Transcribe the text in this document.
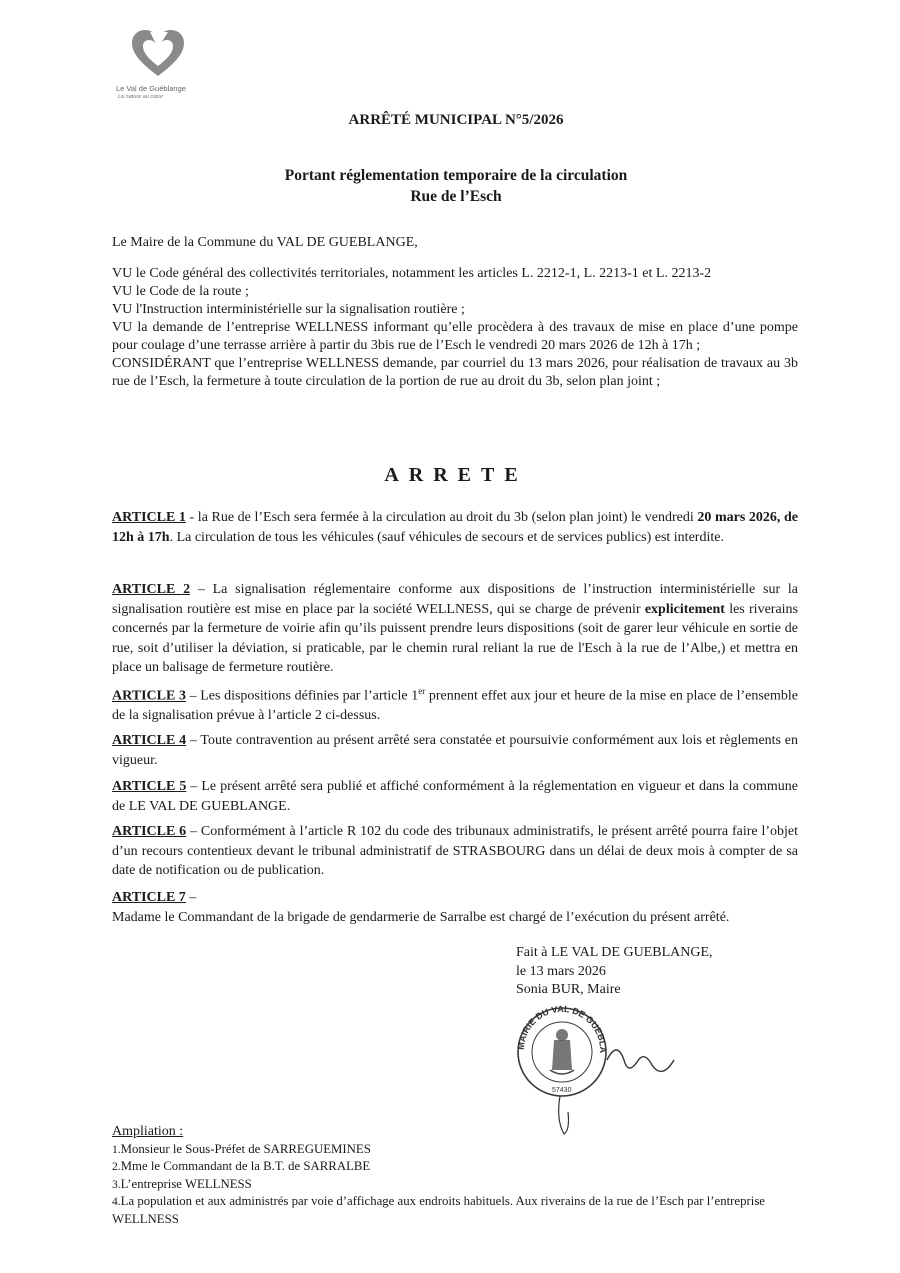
Le Val de Guéblange
La nature au cœur
ARRÊTÉ MUNICIPAL N°5/2026
Portant réglementation temporaire de la circulation
Rue de l’Esch
Le Maire de la Commune du VAL DE GUEBLANGE,

VU le Code général des collectivités territoriales, notamment les articles L. 2212-1, L. 2213-1 et L. 2213-2

VU le Code de la route ;

VU l'Instruction interministérielle sur la signalisation routière ;

VU la demande de l’entreprise WELLNESS informant qu’elle procèdera à des travaux de mise en place d’une pompe pour coulage d’une terrasse arrière à partir du 3bis rue de l’Esch le vendredi 20 mars 2026 de 12h à 17h ;

CONSIDÉRANT que l’entreprise WELLNESS demande, par courriel du 13 mars 2026, pour réalisation de travaux au 3b rue de l’Esch, la fermeture à toute circulation de la portion de rue au droit du 3b, selon plan joint ;

ARRETE
ARTICLE 1 - la Rue de l’Esch sera fermée à la circulation au droit du 3b (selon plan joint) le vendredi 20 mars 2026, de 12h à 17h. La circulation de tous les véhicules (sauf véhicules de secours et de services publics) est interdite.
ARTICLE 2 – La signalisation réglementaire conforme aux dispositions de l’instruction interministérielle sur la signalisation routière est mise en place par la société WELLNESS, qui se charge de prévenir explicitement les riverains concernés par la fermeture de voirie afin qu’ils puissent prendre leurs dispositions (soit de garer leur véhicule en sortie de rue, soit d’utiliser la déviation, si praticable, par le chemin rural reliant la rue de l'Esch à la rue de l’Albe,) et mettra en place un balisage de fermeture routière.
ARTICLE 3 – Les dispositions définies par l’article 1er prennent effet aux jour et heure de la mise en place de l’ensemble de la signalisation prévue à l’article 2 ci-dessus.
ARTICLE 4 – Toute contravention au présent arrêté sera constatée et poursuivie conformément aux lois et règlements en vigueur.
ARTICLE 5 – Le présent arrêté sera publié et affiché conformément à la réglementation en vigueur et dans la commune de LE VAL DE GUEBLANGE.
ARTICLE 6 – Conformément à l’article R 102 du code des tribunaux administratifs, le présent arrêté pourra faire l’objet d’un recours contentieux devant le tribunal administratif de STRASBOURG dans un délai de deux mois à compter de sa date de notification ou de publication.
ARTICLE 7 –
Madame le Commandant de la brigade de gendarmerie de Sarralbe est chargé de l’exécution du présent arrêté.
Fait à LE VAL DE GUEBLANGE,
le 13 mars 2026
Sonia BUR, Maire
MAIRIE DU VAL DE GUEBLA
57430
Ampliation :
1.Monsieur le Sous-Préfet de SARREGUEMINES
2.Mme le Commandant de la B.T. de SARRALBE
3.L’entreprise WELLNESS
4.La population et aux administrés par voie d’affichage aux endroits habituels. Aux riverains de la rue de l’Esch par l’entreprise WELLNESS
